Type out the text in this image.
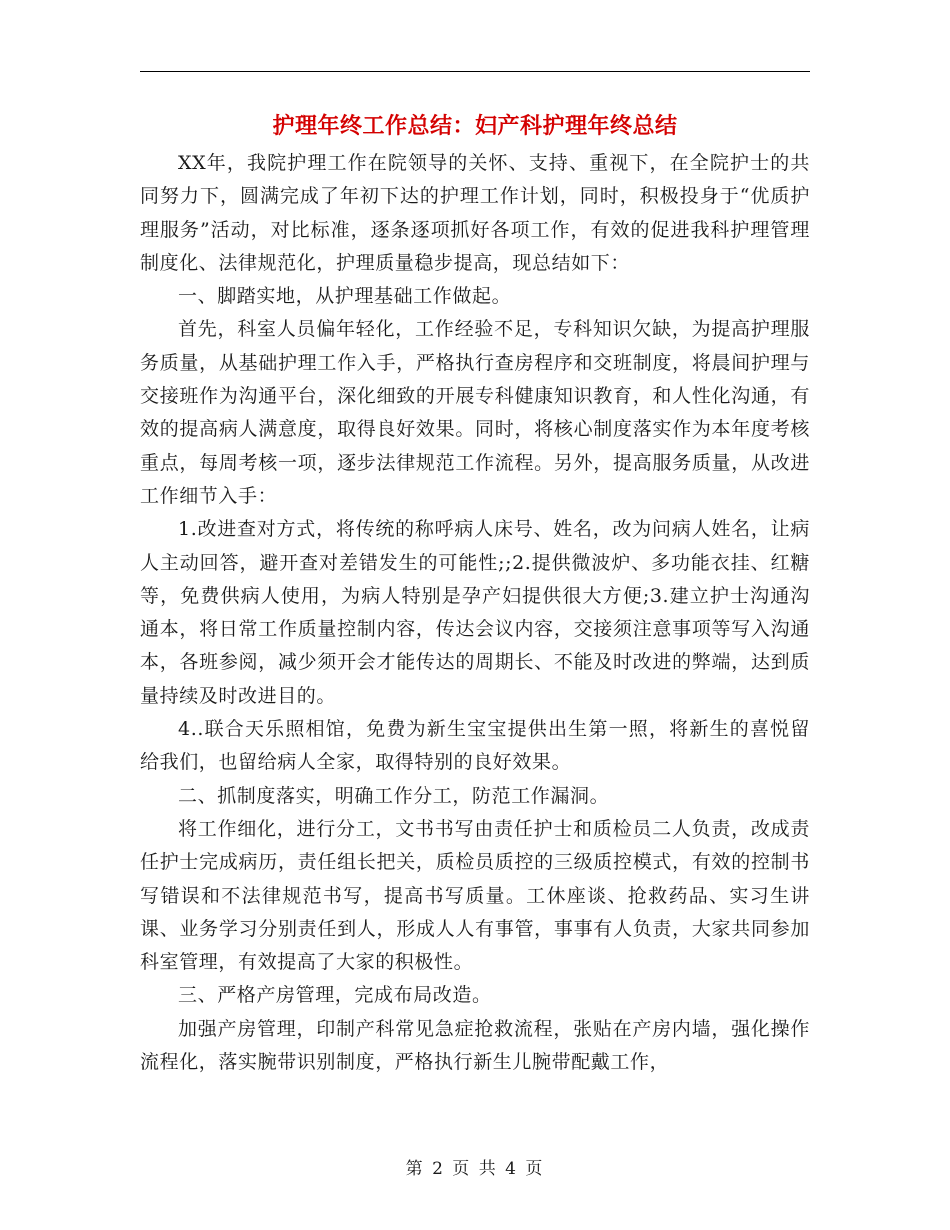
护理年终工作总结：妇产科护理年终总结

XX年，我院护理工作在院领导的关怀、支持、重视下，在全院护士的共同努力下，圆满完成了年初下达的护理工作计划，同时，积极投身于“优质护理服务”活动，对比标准，逐条逐项抓好各项工作，有效的促进我科护理管理制度化、法律规范化，护理质量稳步提高，现总结如下：

一、脚踏实地，从护理基础工作做起。

首先，科室人员偏年轻化，工作经验不足，专科知识欠缺，为提高护理服务质量，从基础护理工作入手，严格执行查房程序和交班制度，将晨间护理与交接班作为沟通平台，深化细致的开展专科健康知识教育，和人性化沟通，有效的提高病人满意度，取得良好效果。同时，将核心制度落实作为本年度考核重点，每周考核一项，逐步法律规范工作流程。另外，提高服务质量，从改进工作细节入手：

1.改进查对方式，将传统的称呼病人床号、姓名，改为问病人姓名，让病人主动回答，避开查对差错发生的可能性;;2.提供微波炉、多功能衣挂、红糖等，免费供病人使用，为病人特别是孕产妇提供很大方便;3.建立护士沟通沟通本，将日常工作质量控制内容，传达会议内容，交接须注意事项等写入沟通本，各班参阅，减少须开会才能传达的周期长、不能及时改进的弊端，达到质量持续及时改进目的。

4..联合天乐照相馆，免费为新生宝宝提供出生第一照，将新生的喜悦留给我们，也留给病人全家，取得特别的良好效果。

二、抓制度落实，明确工作分工，防范工作漏洞。

将工作细化，进行分工，文书书写由责任护士和质检员二人负责，改成责任护士完成病历，责任组长把关，质检员质控的三级质控模式，有效的控制书写错误和不法律规范书写，提高书写质量。工休座谈、抢救药品、实习生讲课、业务学习分别责任到人，形成人人有事管，事事有人负责，大家共同参加科室管理，有效提高了大家的积极性。

三、严格产房管理，完成布局改造。

加强产房管理，印制产科常见急症抢救流程，张贴在产房内墙，强化操作流程化，落实腕带识别制度，严格执行新生儿腕带配戴工作，

第 2 页 共 4 页
